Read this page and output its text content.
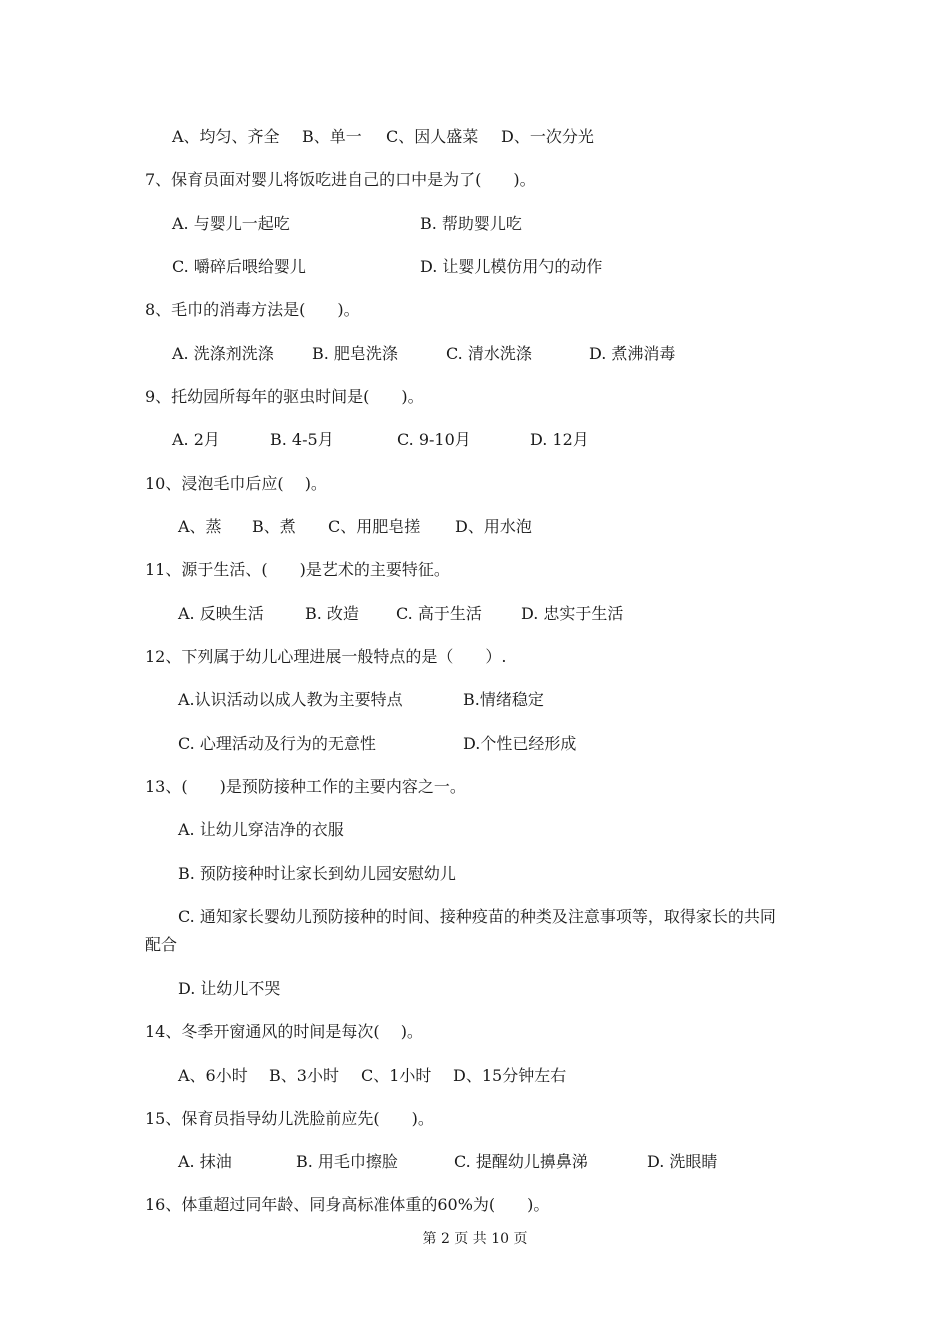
A、均匀、齐全 B、单一 C、因人盛菜 D、一次分光
7、保育员面对婴儿将饭吃进自己的口中是为了(　　)。
A. 与婴儿一起吃	B. 帮助婴儿吃
C. 嚼碎后喂给婴儿	D. 让婴儿模仿用勺的动作
8、毛巾的消毒方法是(　　)。
A. 洗涤剂洗涤 B. 肥皂洗涤	C. 清水洗涤	D. 煮沸消毒
9、托幼园所每年的驱虫时间是(　　)。
A. 2月	B. 4-5月	C. 9-10月	D. 12月
10、浸泡毛巾后应(　 )。
A、蒸 B、煮 C、用肥皂搓 D、用水泡
11、源于生活、(　　)是艺术的主要特征。
A. 反映生活	B. 改造 C. 高于生活 D. 忠实于生活
12、下列属于幼儿心理进展一般特点的是（　　）.
A.认识活动以成人教为主要特点	B.情绪稳定
C. 心理活动及行为的无意性	D.个性已经形成
13、(　　)是预防接种工作的主要内容之一。
A. 让幼儿穿洁净的衣服
B. 预防接种时让家长到幼儿园安慰幼儿
C. 通知家长婴幼儿预防接种的时间、接种疫苗的种类及注意事项等，取得家长的共同
配合
D. 让幼儿不哭
14、冬季开窗通风的时间是每次(　 )。
A、6小时 B、3小时 C、1小时 D、15分钟左右
15、保育员指导幼儿洗脸前应先(　　)。
A. 抹油	B. 用毛巾擦脸	C. 提醒幼儿擤鼻涕	D. 洗眼睛
16、体重超过同年龄、同身高标准体重的60%为(　　)。
第 2 页 共 10 页
